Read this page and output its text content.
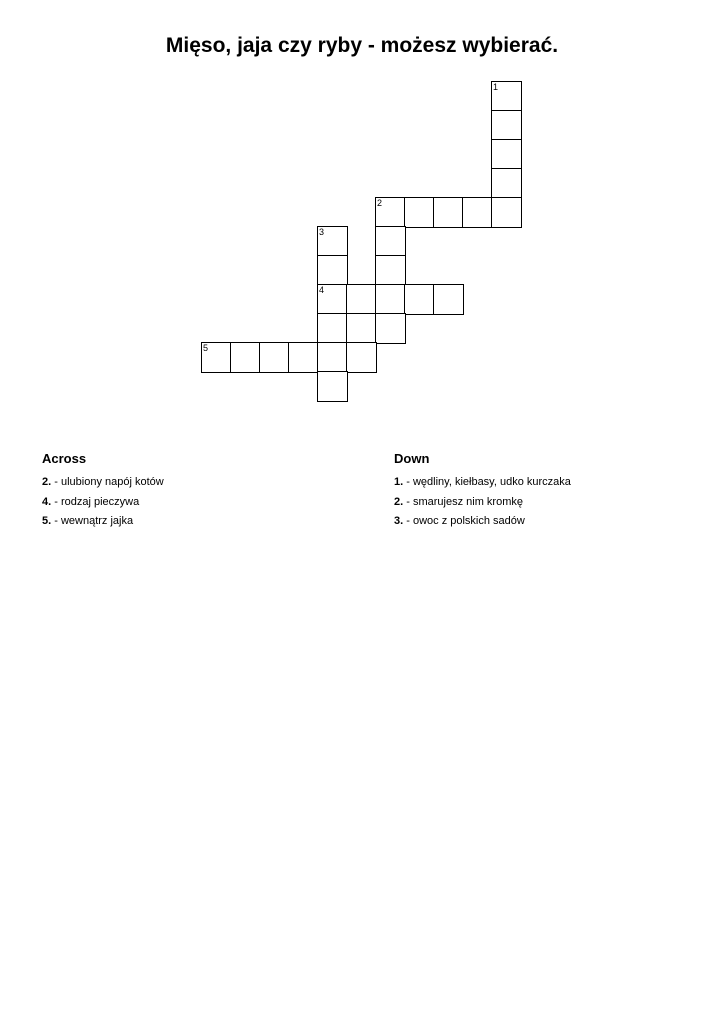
Mięso, jaja czy ryby - możesz wybierać.
1
2
3
4
5
Across
2. - ulubiony napój kotów
4. - rodzaj pieczywa
5. - wewnątrz jajka
Down
1. - wędliny, kiełbasy, udko kurczaka
2. - smarujesz nim kromkę
3. - owoc z polskich sadów
